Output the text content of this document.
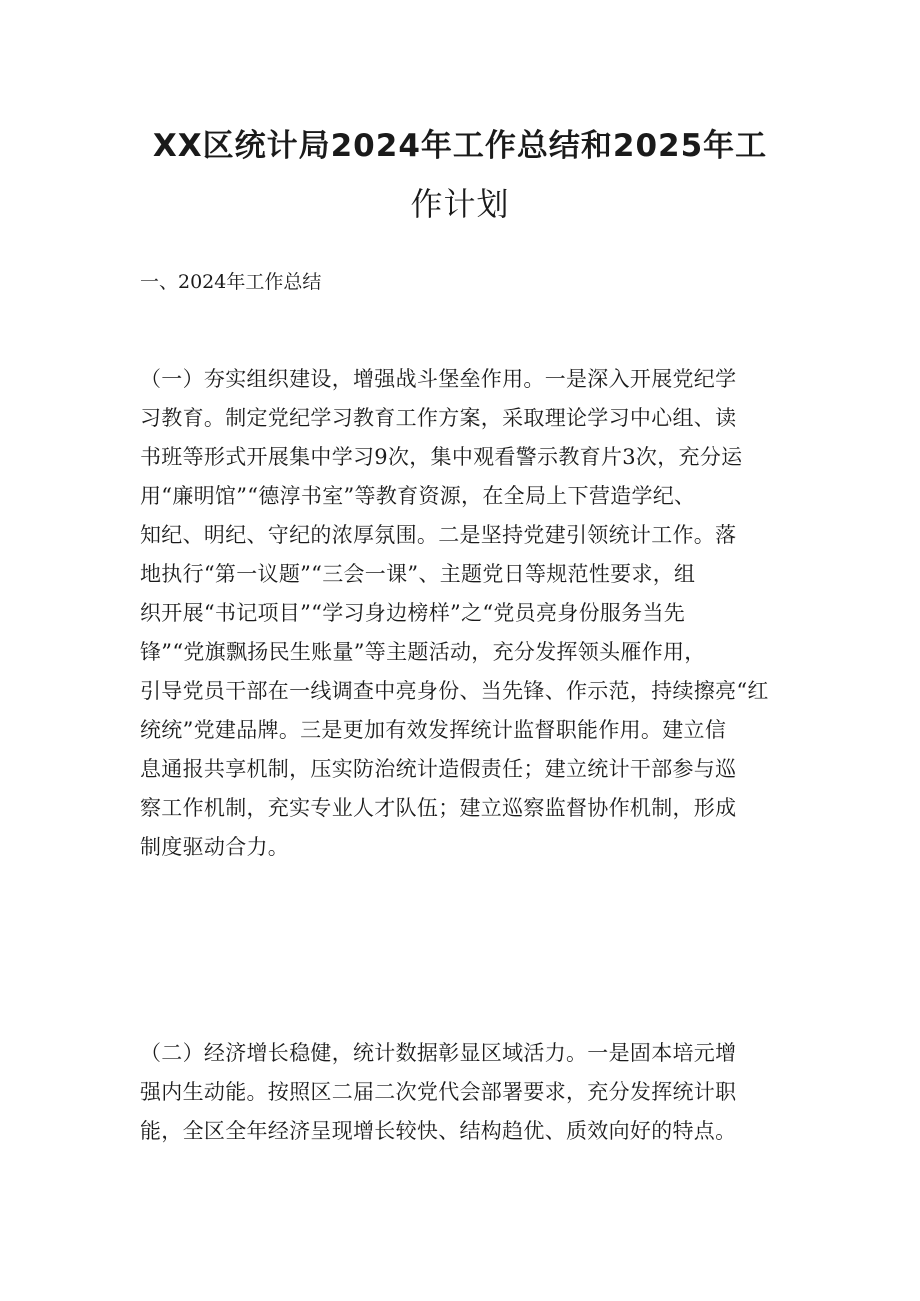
XX区统计局2024年工作总结和2025年工
作计划
一、2024年工作总结
（一）夯实组织建设，增强战斗堡垒作用。一是深入开展党纪学
习教育。制定党纪学习教育工作方案，采取理论学习中心组、读
书班等形式开展集中学习9次，集中观看警示教育片3次，充分运
用“廉明馆”“德淳书室”等教育资源，在全局上下营造学纪、
知纪、明纪、守纪的浓厚氛围。二是坚持党建引领统计工作。落
地执行“第一议题”“三会一课”、主题党日等规范性要求，组
织开展“书记项目”“学习身边榜样”之“党员亮身份服务当先
锋”“党旗飘扬民生账量”等主题活动，充分发挥领头雁作用，
引导党员干部在一线调查中亮身份、当先锋、作示范，持续擦亮“红
统统”党建品牌。三是更加有效发挥统计监督职能作用。建立信
息通报共享机制，压实防治统计造假责任；建立统计干部参与巡
察工作机制，充实专业人才队伍；建立巡察监督协作机制，形成
制度驱动合力。
（二）经济增长稳健，统计数据彰显区域活力。一是固本培元增
强内生动能。按照区二届二次党代会部署要求，充分发挥统计职
能，全区全年经济呈现增长较快、结构趋优、质效向好的特点。
